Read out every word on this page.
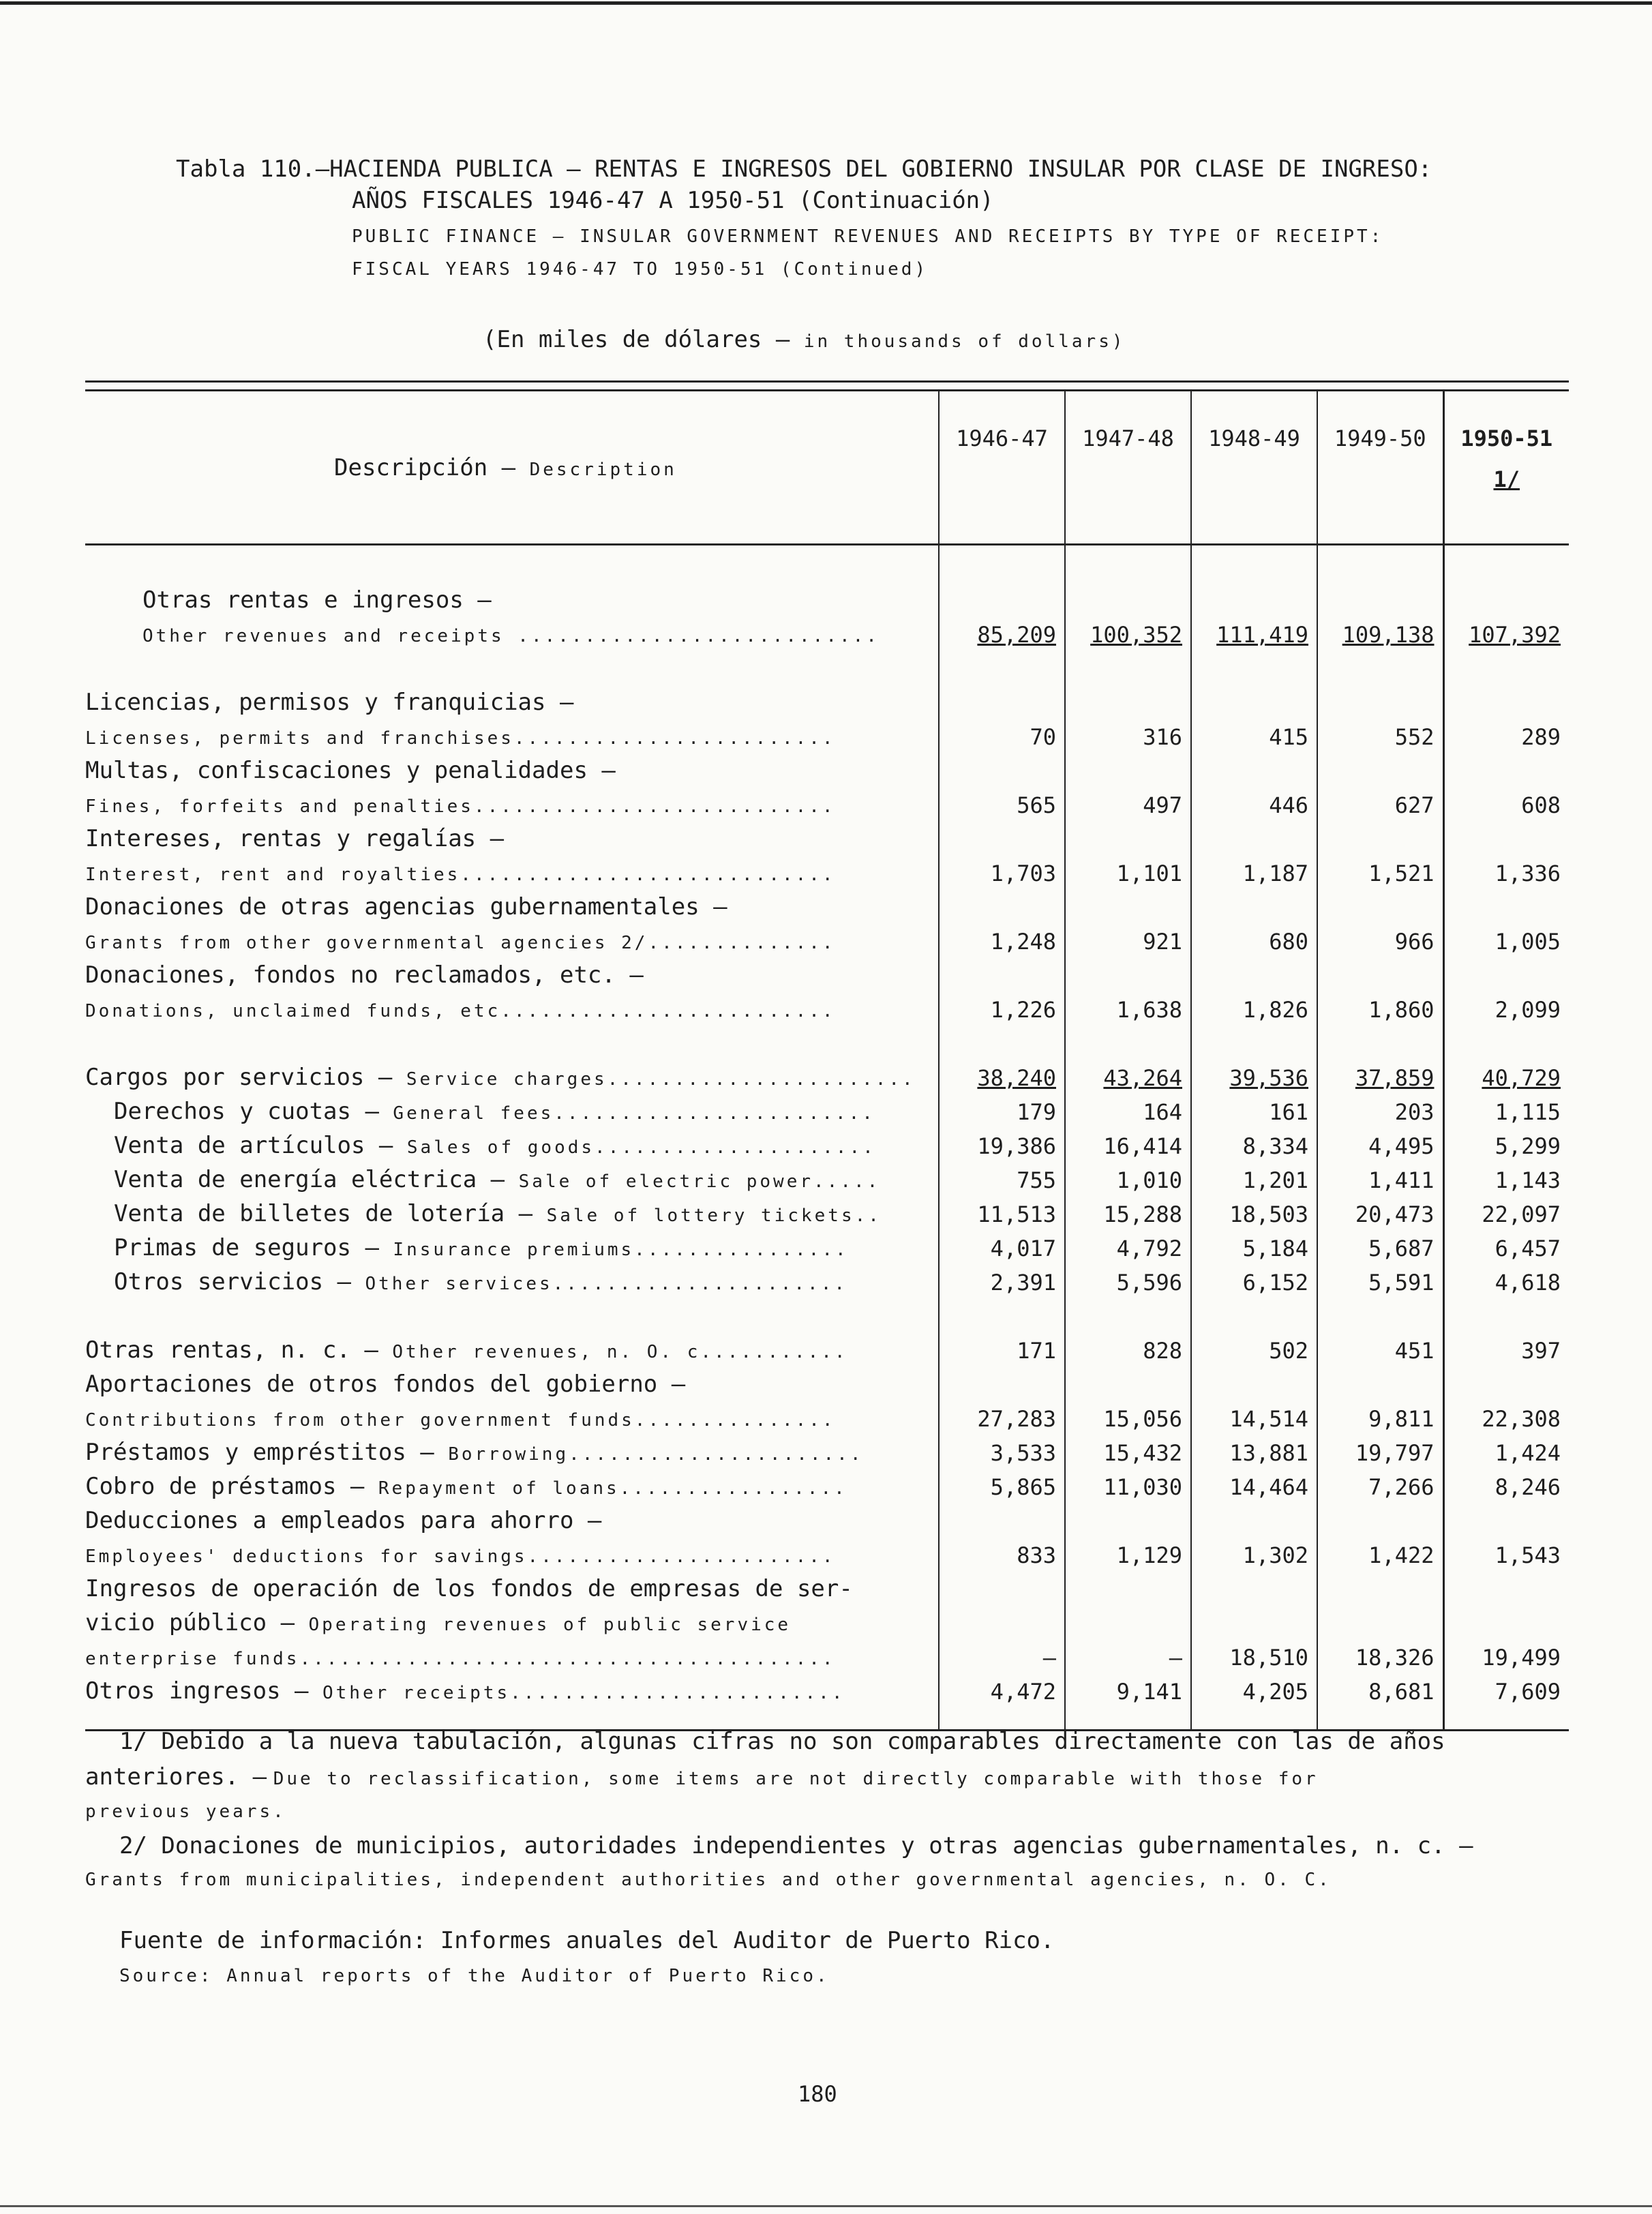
Tabla 110.—HACIENDA PUBLICA – RENTAS E INGRESOS DEL GOBIERNO INSULAR POR CLASE DE INGRESO:
AÑOS FISCALES 1946-47 A 1950-51 (Continuación)
PUBLIC FINANCE – INSULAR GOVERNMENT REVENUES AND RECEIPTS BY TYPE OF RECEIPT:
FISCAL YEARS 1946-47 TO 1950-51 (Continued)
(En miles de dólares – in thousands of dollars)
Descripción – Description	1946-47	1947-48	1948-49	1949-50	1950-51
1/

Otras rentas e ingresos –					
Other revenues and receipts ...........................	85,209	100,352	111,419	109,138	107,392

Licencias, permisos y franquicias –					
Licenses, permits and franchises........................	70	316	415	552	289
Multas, confiscaciones y penalidades –					
Fines, forfeits and penalties...........................	565	497	446	627	608
Intereses, rentas y regalías –					
Interest, rent and royalties............................	1,703	1,101	1,187	1,521	1,336
Donaciones de otras agencias gubernamentales –					
Grants from other governmental agencies 2/..............	1,248	921	680	966	1,005
Donaciones, fondos no reclamados, etc. –					
Donations, unclaimed funds, etc.........................	1,226	1,638	1,826	1,860	2,099

Cargos por servicios – Service charges.......................	38,240	43,264	39,536	37,859	40,729
Derechos y cuotas – General fees........................	179	164	161	203	1,115
Venta de artículos – Sales of goods.....................	19,386	16,414	8,334	4,495	5,299
Venta de energía eléctrica – Sale of electric power.....	755	1,010	1,201	1,411	1,143
Venta de billetes de lotería – Sale of lottery tickets..	11,513	15,288	18,503	20,473	22,097
Primas de seguros – Insurance premiums................	4,017	4,792	5,184	5,687	6,457
Otros servicios – Other services......................	2,391	5,596	6,152	5,591	4,618

Otras rentas, n. c. – Other revenues, n. O. c...........	171	828	502	451	397
Aportaciones de otros fondos del gobierno –					
Contributions from other government funds...............	27,283	15,056	14,514	9,811	22,308
Préstamos y empréstitos – Borrowing......................	3,533	15,432	13,881	19,797	1,424
Cobro de préstamos – Repayment of loans.................	5,865	11,030	14,464	7,266	8,246
Deducciones a empleados para ahorro –					
Employees' deductions for savings.......................	833	1,129	1,302	1,422	1,543
Ingresos de operación de los fondos de empresas de ser-					
vicio público – Operating revenues of public service					
enterprise funds........................................	—	—	18,510	18,326	19,499
Otros ingresos – Other receipts.........................	4,472	9,141	4,205	8,681	7,609

1/ Debido a la nueva tabulación, algunas cifras no son comparables directamente con las de años

anteriores. – Due to reclassification, some items are not directly comparable with those for

previous years.

2/ Donaciones de municipios, autoridades independientes y otras agencias gubernamentales, n. c. –

Grants from municipalities, independent authorities and other governmental agencies, n. O. C.

Fuente de información: Informes anuales del Auditor de Puerto Rico.

Source: Annual reports of the Auditor of Puerto Rico.

180
